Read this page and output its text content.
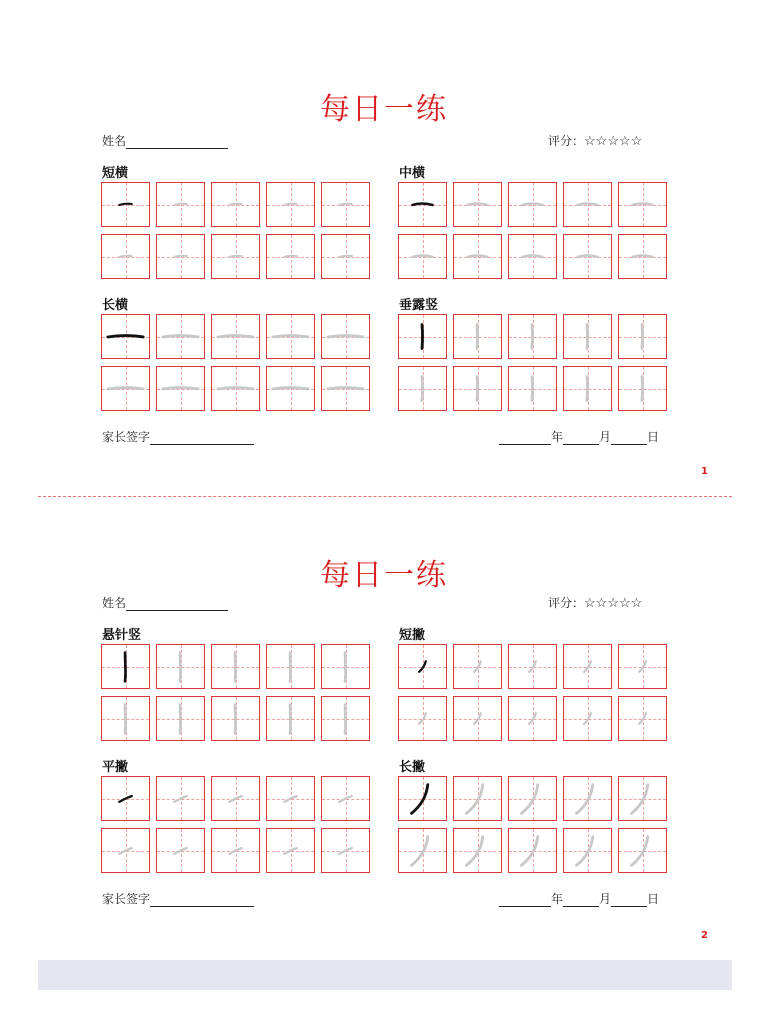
每日一练
姓名	评分：☆☆☆☆☆
短横	中横
长横	垂露竖
家长签字	年	月	日
1
每日一练
姓名	评分：☆☆☆☆☆
悬针竖	短撇
平撇	长撇
家长签字	年	月	日
2
